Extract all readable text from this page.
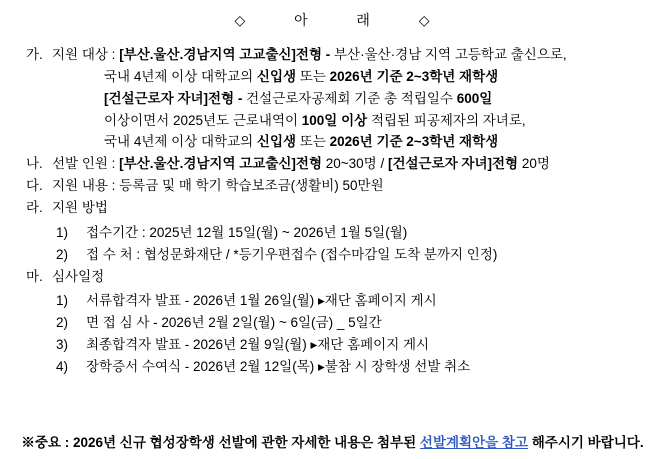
◇	아	래	◇
가. 지원 대상 : [부산.울산.경남지역 고교출신]전형 - 부산·울산·경남 지역 고등학교 출신으로,
국내 4년제 이상 대학교의 신입생 또는 2026년 기준 2~3학년 재학생
[건설근로자 자녀]전형 - 건설근로자공제회 기준 총 적립일수 600일
이상이면서 2025년도 근로내역이 100일 이상 적립된 피공제자의 자녀로,
국내 4년제 이상 대학교의 신입생 또는 2026년 기준 2~3학년 재학생
나. 선발 인원 : [부산.울산.경남지역 고교출신]전형 20~30명 / [건설근로자 자녀]전형 20명
다. 지원 내용 : 등록금 및 매 학기 학습보조금(생활비) 50만원
라. 지원 방법
1)	접수기간 : 2025년 12월 15일(월) ~ 2026년 1월 5일(월)
2)	접 수 처 : 협성문화재단 / *등기우편접수 (접수마감일 도착 분까지 인정)
마. 심사일정
1)	서류합격자 발표 - 2026년 1월 26일(월) ▸재단 홈페이지 게시
2)	면 접 심 사 - 2026년 2월 2일(월) ~ 6일(금) _ 5일간
3)	최종합격자 발표 - 2026년 2월 9일(월) ▸재단 홈페이지 게시
4)	장학증서 수여식 - 2026년 2월 12일(목) ▸불참 시 장학생 선발 취소
※중요 : 2026년 신규 협성장학생 선발에 관한 자세한 내용은 첨부된 선발계획안을 참고 해주시기 바랍니다.
